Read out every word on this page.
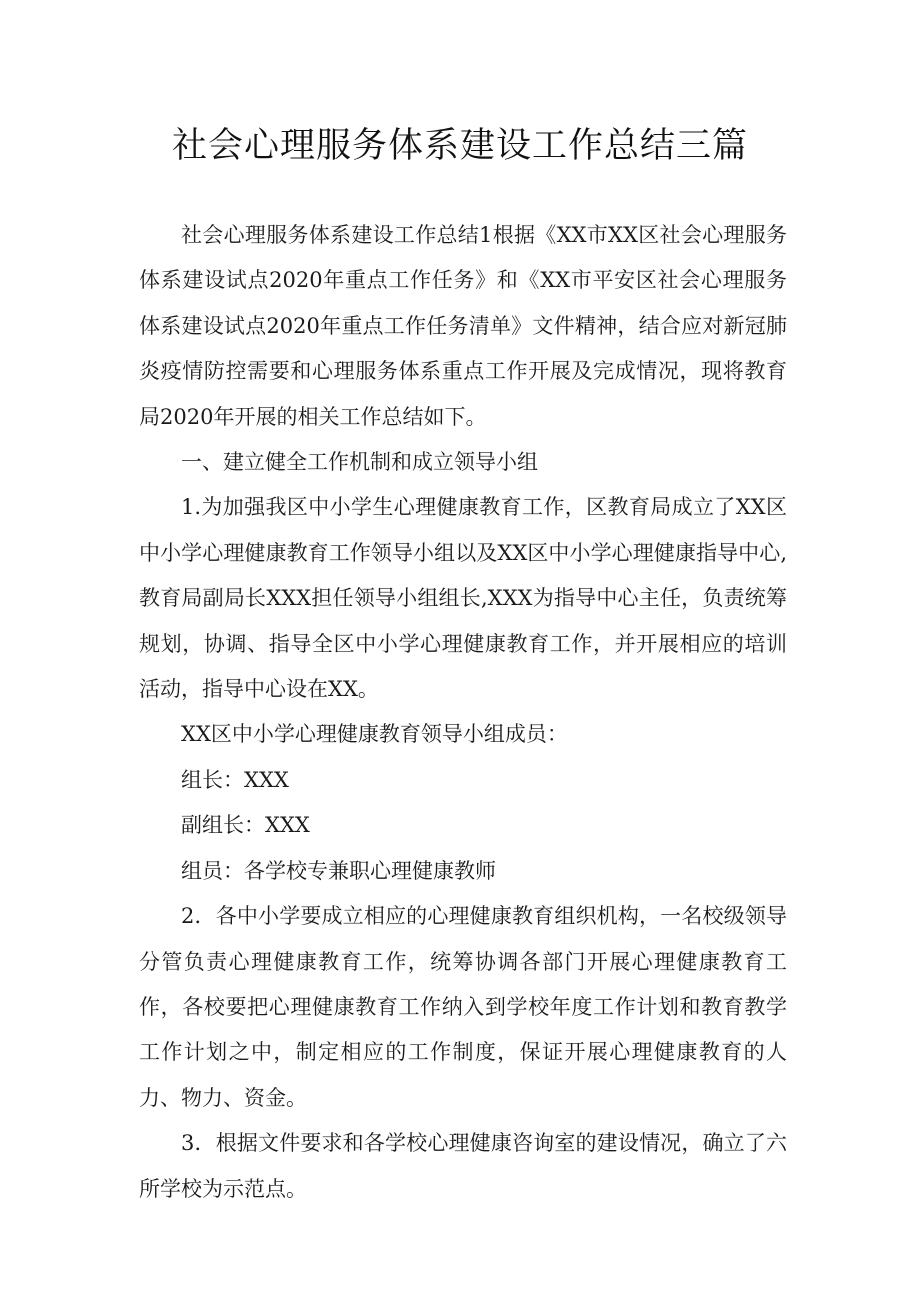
社会心理服务体系建设工作总结三篇

社会心理服务体系建设工作总结1根据《XX市XX区社会心理服务体系建设试点2020年重点工作任务》和《XX市平安区社会心理服务体系建设试点2020年重点工作任务清单》文件精神，结合应对新冠肺炎疫情防控需要和心理服务体系重点工作开展及完成情况，现将教育局2020年开展的相关工作总结如下。

一、建立健全工作机制和成立领导小组

1.为加强我区中小学生心理健康教育工作，区教育局成立了XX区中小学心理健康教育工作领导小组以及XX区中小学心理健康指导中心,教育局副局长XXX担任领导小组组长,XXX为指导中心主任，负责统筹规划，协调、指导全区中小学心理健康教育工作，并开展相应的培训活动，指导中心设在XX。

XX区中小学心理健康教育领导小组成员：

组长：XXX

副组长：XXX

组员：各学校专兼职心理健康教师

2．各中小学要成立相应的心理健康教育组织机构，一名校级领导分管负责心理健康教育工作，统筹协调各部门开展心理健康教育工作，各校要把心理健康教育工作纳入到学校年度工作计划和教育教学工作计划之中，制定相应的工作制度，保证开展心理健康教育的人力、物力、资金。

3．根据文件要求和各学校心理健康咨询室的建设情况，确立了六所学校为示范点。
